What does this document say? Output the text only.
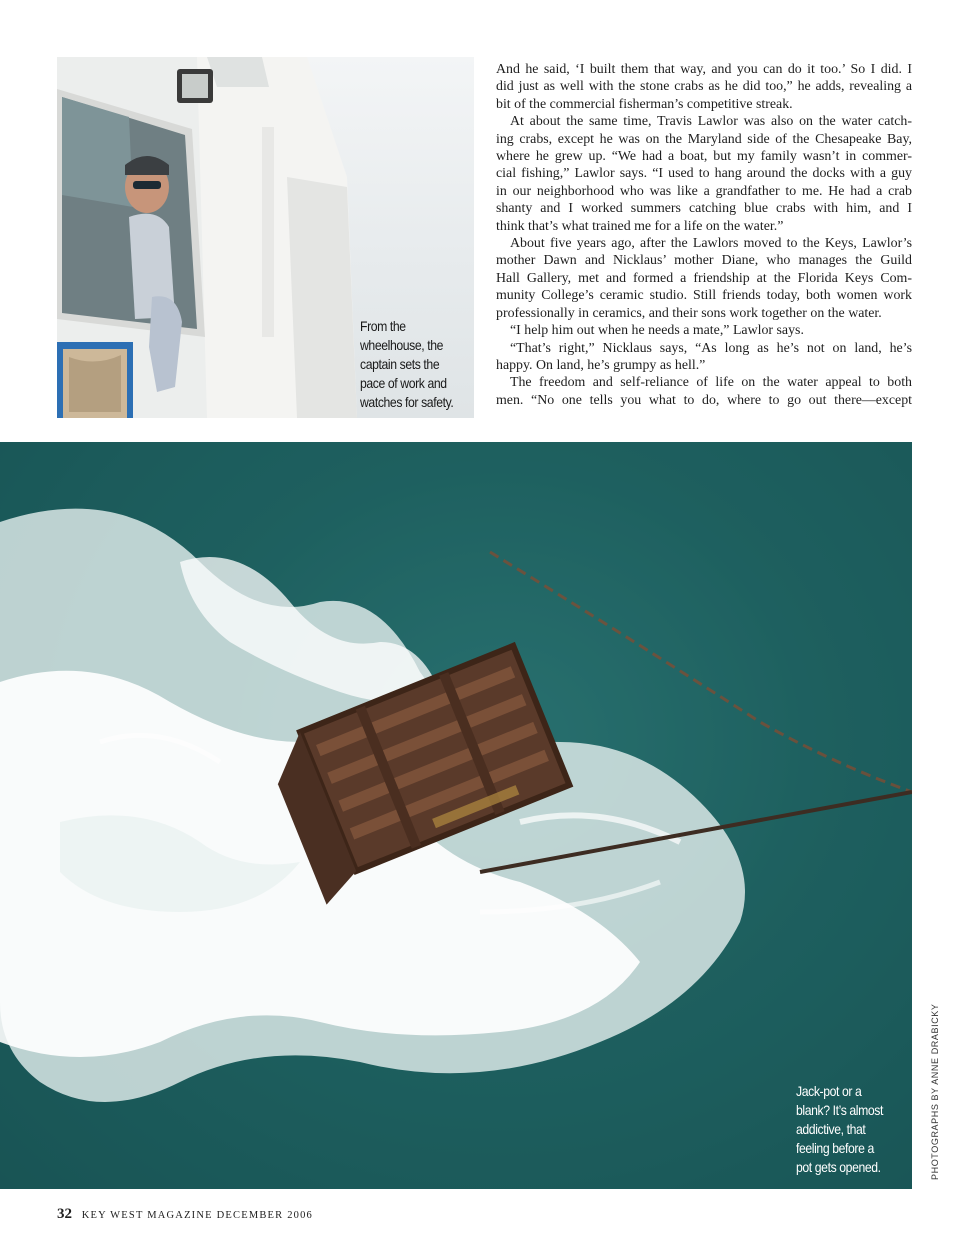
From the
wheelhouse, the
captain sets the
pace of work and
watches for safety.
And he said, ‘I built them that way, and you can do it too.’ So I did. I
did just as well with the stone crabs as he did too,” he adds, revealing a
bit of the commercial fisherman’s competitive streak.
At about the same time, Travis Lawlor was also on the water catch-
ing crabs, except he was on the Maryland side of the Chesapeake Bay,
where he grew up. “We had a boat, but my family wasn’t in commer-
cial fishing,” Lawlor says. “I used to hang around the docks with a guy
in our neighborhood who was like a grandfather to me. He had a crab
shanty and I worked summers catching blue crabs with him, and I
think that’s what trained me for a life on the water.”
About five years ago, after the Lawlors moved to the Keys, Lawlor’s
mother Dawn and Nicklaus’ mother Diane, who manages the Guild
Hall Gallery, met and formed a friendship at the Florida Keys Com-
munity College’s ceramic studio. Still friends today, both women work
professionally in ceramics, and their sons work together on the water.
“I help him out when he needs a mate,” Lawlor says.
“That’s right,” Nicklaus says, “As long as he’s not on land, he’s
happy. On land, he’s grumpy as hell.”
The freedom and self-reliance of life on the water appeal to both
men. “No one tells you what to do, where to go out there—except
Jack-pot or a
blank? It’s almost
addictive, that
feeling before a
pot gets opened.	PHOTOGRAPHS BY ANNE DRABICKY
32 KEY WEST MAGAZINE DECEMBER 2006
